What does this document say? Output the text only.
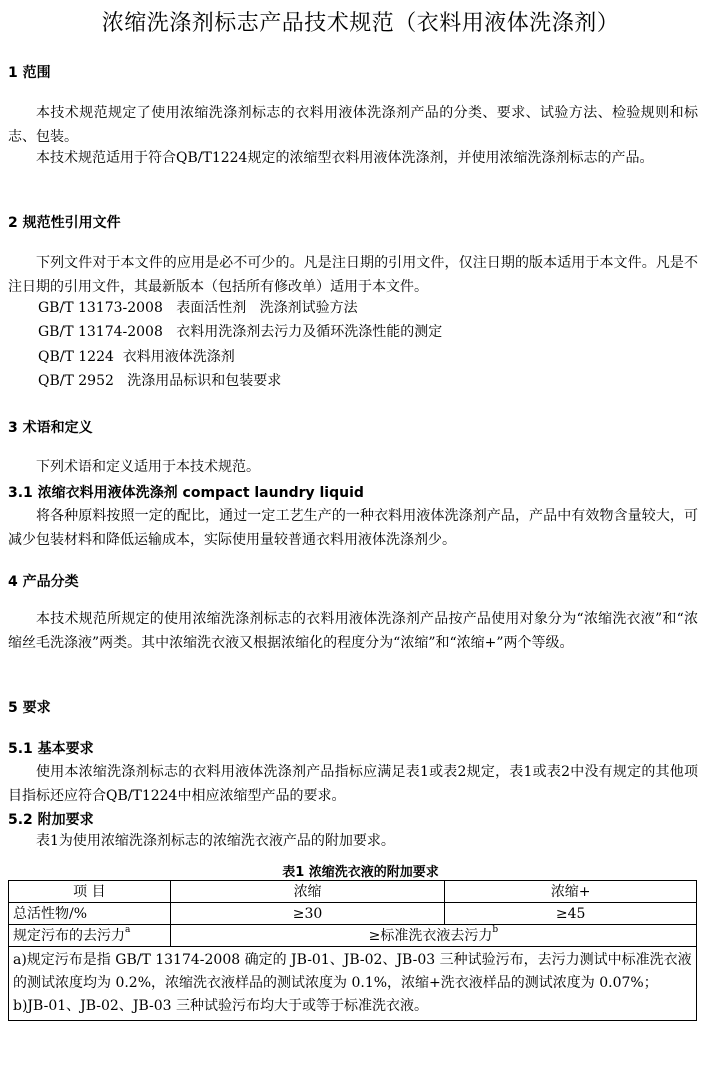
浓缩洗涤剂标志产品技术规范（衣料用液体洗涤剂）
1 范围
本技术规范规定了使用浓缩洗涤剂标志的衣料用液体洗涤剂产品的分类、要求、试验方法、检验规则和标志、包装。
本技术规范适用于符合QB/T1224规定的浓缩型衣料用液体洗涤剂，并使用浓缩洗涤剂标志的产品。
2 规范性引用文件
下列文件对于本文件的应用是必不可少的。凡是注日期的引用文件，仅注日期的版本适用于本文件。凡是不注日期的引用文件，其最新版本（包括所有修改单）适用于本文件。
GB/T 13173-2008   表面活性剂   洗涤剂试验方法
GB/T 13174-2008   衣料用洗涤剂去污力及循环洗涤性能的测定
QB/T 1224  衣料用液体洗涤剂
QB/T 2952   洗涤用品标识和包装要求
3 术语和定义
下列术语和定义适用于本技术规范。
3.1 浓缩衣料用液体洗涤剂 compact laundry liquid
将各种原料按照一定的配比，通过一定工艺生产的一种衣料用液体洗涤剂产品，产品中有效物含量较大，可减少包装材料和降低运输成本，实际使用量较普通衣料用液体洗涤剂少。
4 产品分类
本技术规范所规定的使用浓缩洗涤剂标志的衣料用液体洗涤剂产品按产品使用对象分为“浓缩洗衣液”和“浓缩丝毛洗涤液”两类。其中浓缩洗衣液又根据浓缩化的程度分为“浓缩”和“浓缩+”两个等级。
5 要求
5.1 基本要求
使用本浓缩洗涤剂标志的衣料用液体洗涤剂产品指标应满足表1或表2规定，表1或表2中没有规定的其他项目指标还应符合QB/T1224中相应浓缩型产品的要求。
5.2 附加要求
表1为使用浓缩洗涤剂标志的浓缩洗衣液产品的附加要求。
表1 浓缩洗衣液的附加要求
项 目	浓缩	浓缩+
总活性物/%	≥30	≥45
规定污布的去污力$^a$	≥标准洗衣液去污力$^b$

a)规定污布是指 GB/T 13174-2008 确定的 JB-01、JB-02、JB-03 三种试验污布，去污力测试中标准洗衣液的测试浓度均为 0.2%，浓缩洗衣液样品的测试浓度为 0.1%，浓缩+洗衣液样品的测试浓度为 0.07%；
b)JB-01、JB-02、JB-03 三种试验污布均大于或等于标准洗衣液。		
